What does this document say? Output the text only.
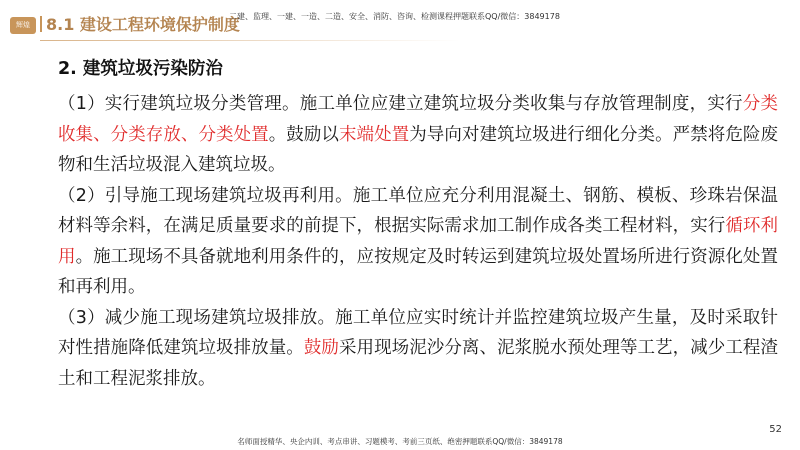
辉煌	8.1 建设工程环境保护制度
二建、监理、一建、一造、二造、安全、消防、咨询、检测课程押题联系QQ/微信：3849178
2. 建筑垃圾污染防治

（1）实行建筑垃圾分类管理。施工单位应建立建筑垃圾分类收集与存放管理制度，实行分类收集、分类存放、分类处置。鼓励以末端处置为导向对建筑垃圾进行细化分类。严禁将危险废物和生活垃圾混入建筑垃圾。

（2）引导施工现场建筑垃圾再利用。施工单位应充分利用混凝土、钢筋、模板、珍珠岩保温材料等余料，在满足质量要求的前提下，根据实际需求加工制作成各类工程材料，实行循环利用。施工现场不具备就地利用条件的，应按规定及时转运到建筑垃圾处置场所进行资源化处置和再利用。

（3）减少施工现场建筑垃圾排放。施工单位应实时统计并监控建筑垃圾产生量，及时采取针对性措施降低建筑垃圾排放量。鼓励采用现场泥沙分离、泥浆脱水预处理等工艺，减少工程渣土和工程泥浆排放。

52
名师面授精华、央企内训、考点串讲、习题模考、考前三页纸、绝密押题联系QQ/微信：3849178
